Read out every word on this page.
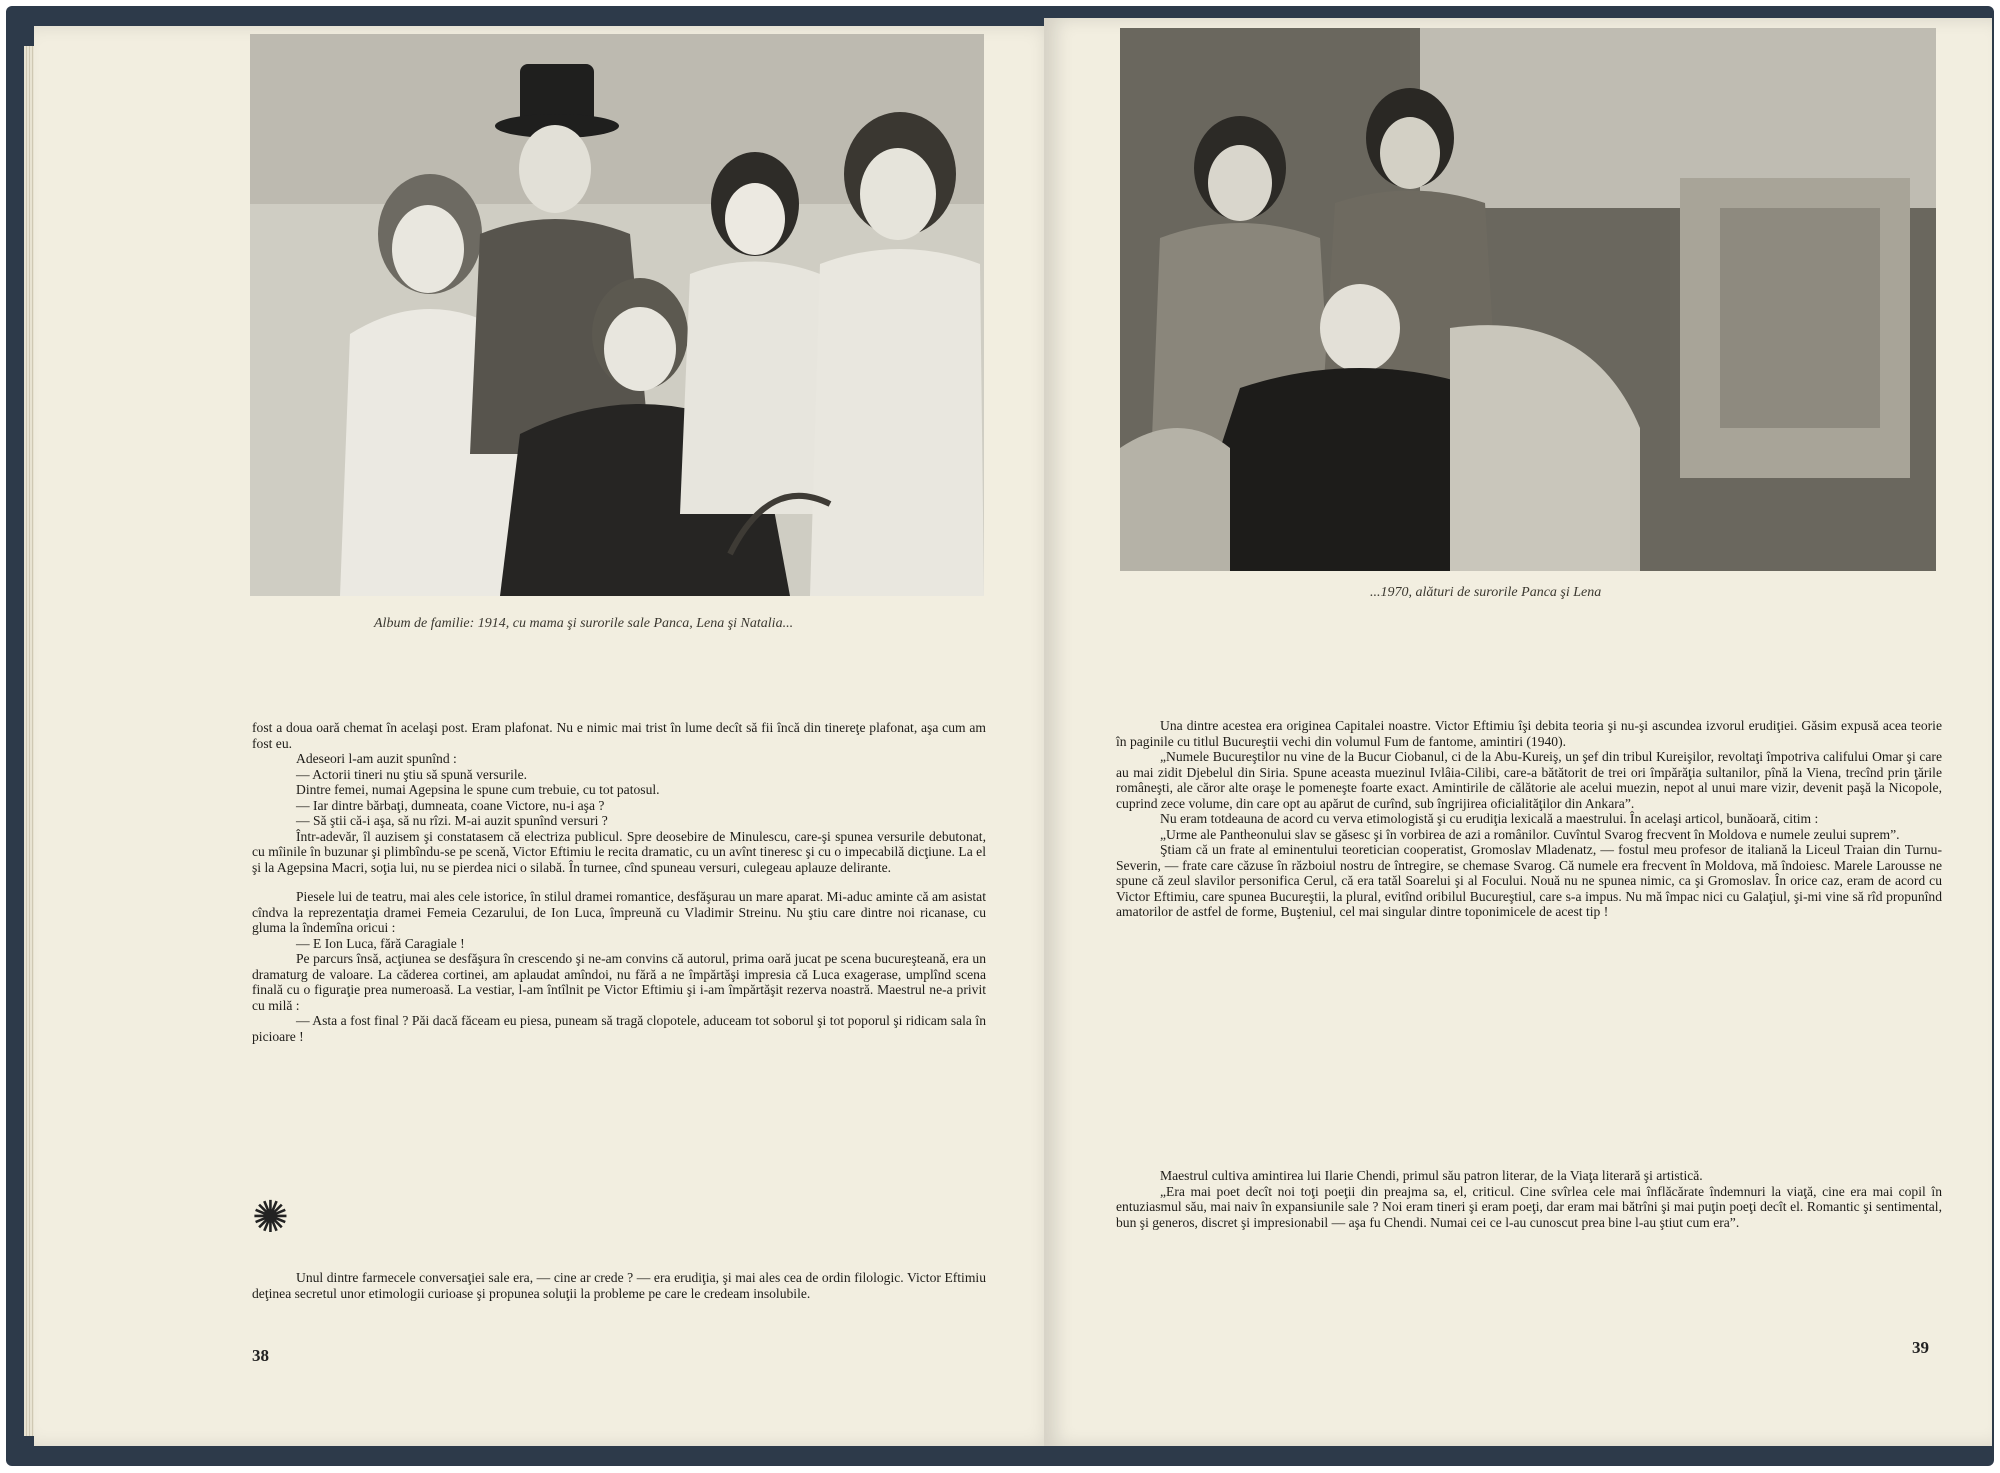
Album de familie: 1914, cu mama şi surorile sale Panca, Lena şi Natalia...

fost a doua oară chemat în acelaşi post. Eram plafonat. Nu e nimic mai trist în lume decît să fii încă din tinereţe plafonat, aşa cum am fost eu.

Adeseori l-am auzit spunînd :

— Actorii tineri nu ştiu să spună versurile.

Dintre femei, numai Agepsina le spune cum trebuie, cu tot patosul.

— Iar dintre bărbaţi, dumneata, coane Victore, nu-i aşa ?

— Să ştii că-i aşa, să nu rîzi. M-ai auzit spunînd versuri ?

Într-adevăr, îl auzisem şi constatasem că electriza publicul. Spre deosebire de Minulescu, care-şi spunea versurile debutonat, cu mîinile în buzunar şi plimbîndu-se pe scenă, Victor Eftimiu le recita dramatic, cu un avînt tineresc şi cu o impecabilă dicţiune. La el şi la Agepsina Macri, soţia lui, nu se pierdea nici o silabă. În turnee, cînd spuneau versuri, culegeau aplauze delirante.

Piesele lui de teatru, mai ales cele istorice, în stilul dramei romantice, desfăşurau un mare aparat. Mi-aduc aminte că am asistat cîndva la reprezentaţia dramei Femeia Cezarului, de Ion Luca, împreună cu Vladimir Streinu. Nu ştiu care dintre noi ricanase, cu gluma la îndemîna oricui :

— E Ion Luca, fără Caragiale !

Pe parcurs însă, acţiunea se desfăşura în crescendo şi ne-am convins că autorul, prima oară jucat pe scena bucureşteană, era un dramaturg de valoare. La căderea cortinei, am aplaudat amîndoi, nu fără a ne împărtăşi impresia că Luca exagerase, umplînd scena finală cu o figuraţie prea numeroasă. La vestiar, l-am întîlnit pe Victor Eftimiu şi i-am împărtăşit rezerva noastră. Maestrul ne-a privit cu milă :

— Asta a fost final ? Păi dacă făceam eu piesa, puneam să tragă clopotele, aduceam tot soborul şi tot poporul şi ridicam sala în picioare !

✺

Unul dintre farmecele conversaţiei sale era, — cine ar crede ? — era erudiţia, şi mai ales cea de ordin filologic. Victor Eftimiu deţinea secretul unor etimologii curioase şi propunea soluţii la probleme pe care le credeam insolubile.

38
...1970, alături de surorile Panca şi Lena

Una dintre acestea era originea Capitalei noastre. Victor Eftimiu îşi debita teoria şi nu-şi ascundea izvorul erudiţiei. Găsim expusă acea teorie în paginile cu titlul Bucureştii vechi din volumul Fum de fantome, amintiri (1940).

„Numele Bucureştilor nu vine de la Bucur Ciobanul, ci de la Abu-Kureiş, un şef din tribul Kureişilor, revoltaţi împotriva califului Omar şi care au mai zidit Djebelul din Siria. Spune aceasta muezinul Ivlâia-Cilibi, care-a bătătorit de trei ori împărăţia sultanilor, pînă la Viena, trecînd prin ţările româneşti, ale căror alte oraşe le pomeneşte foarte exact. Amintirile de călătorie ale acelui muezin, nepot al unui mare vizir, devenit paşă la Nicopole, cuprind zece volume, din care opt au apărut de curînd, sub îngrijirea oficialităţilor din Ankara”.

Nu eram totdeauna de acord cu verva etimologistă şi cu erudiţia lexicală a maestrului. În acelaşi articol, bunăoară, citim :

„Urme ale Pantheonului slav se găsesc şi în vorbirea de azi a românilor. Cuvîntul Svarog frecvent în Moldova e numele zeului suprem”.

Ştiam că un frate al eminentului teoretician cooperatist, Gromoslav Mladenatz, — fostul meu profesor de italiană la Liceul Traian din Turnu-Severin, — frate care căzuse în războiul nostru de întregire, se chemase Svarog. Că numele era frecvent în Moldova, mă îndoiesc. Marele Larousse ne spune că zeul slavilor personifica Cerul, că era tatăl Soarelui şi al Focului. Nouă nu ne spunea nimic, ca şi Gromoslav. În orice caz, eram de acord cu Victor Eftimiu, care spunea Bucureştii, la plural, evitînd oribilul Bucureştiul, care s-a impus. Nu mă împac nici cu Galaţiul, şi-mi vine să rîd propunînd amatorilor de astfel de forme, Buşteniul, cel mai singular dintre toponimicele de acest tip !

Maestrul cultiva amintirea lui Ilarie Chendi, primul său patron literar, de la Viaţa literară şi artistică.

„Era mai poet decît noi toţi poeţii din preajma sa, el, criticul. Cine svîrlea cele mai înflăcărate îndemnuri la viaţă, cine era mai copil în entuziasmul său, mai naiv în expansiunile sale ? Noi eram tineri şi eram poeţi, dar eram mai bătrîni şi mai puţin poeţi decît el. Romantic şi sentimental, bun şi generos, discret şi impresionabil — aşa fu Chendi. Numai cei ce l-au cunoscut prea bine l-au ştiut cum era”.

39
